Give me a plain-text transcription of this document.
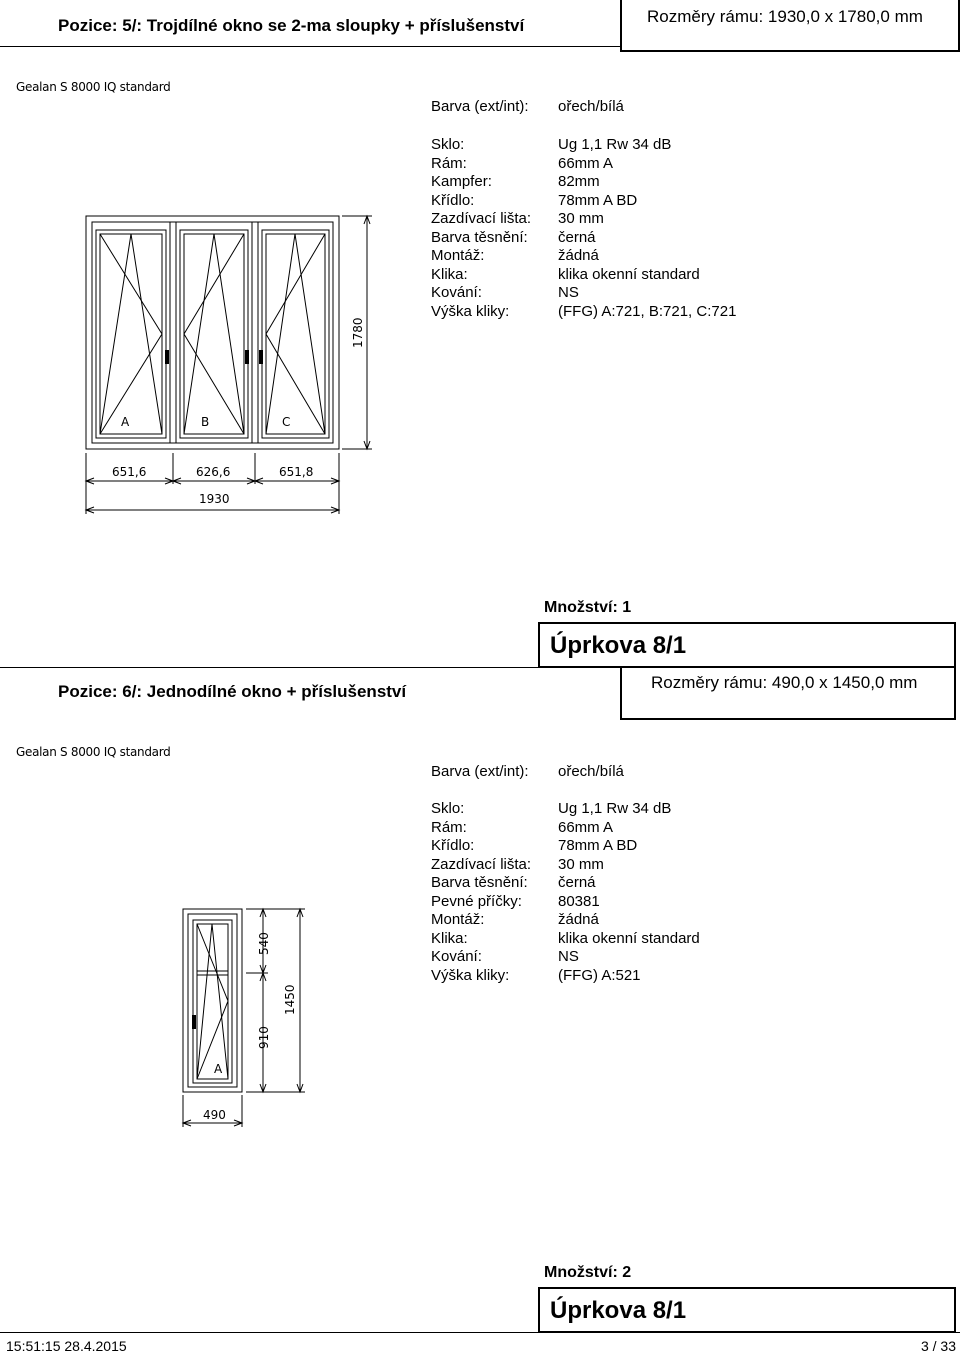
Pozice: 5/: Trojdílné okno se 2-ma sloupky + příslušenství	Rozměry rámu: 1930,0 x 1780,0 mm
Gealan S 8000 IQ standard
Barva (ext/int): ořech/bílá
Sklo:	Ug 1,1 Rw 34 dB
Rám:	66mm A
Kampfer:	82mm
Křídlo:	78mm A BD
Zazdívací lišta: 30 mm
Barva těsnění: černá
Montáž:	žádná
Klika:	klika okenní standard
Kování:	NS
Výška kliky:	(FFG) A:721, B:721, C:721
A	B	C
1780
651,6	626,6	651,8
1930
Množství: 1
Úprkova 8/1
Pozice: 6/: Jednodílné okno + příslušenství	Rozměry rámu: 490,0 x 1450,0 mm
Gealan S 8000 IQ standard
Barva (ext/int): ořech/bílá
Sklo:	Ug 1,1 Rw 34 dB
Rám:	66mm A
Křídlo:	78mm A BD
Zazdívací lišta: 30 mm
Barva těsnění: černá
Pevné příčky: 80381
Montáž:	žádná
Klika:	klika okenní standard
Kování:	NS
Výška kliky:	(FFG) A:521
A
540
910
1450
490
Množství: 2
Úprkova 8/1
15:51:15 28.4.2015	3 / 33
